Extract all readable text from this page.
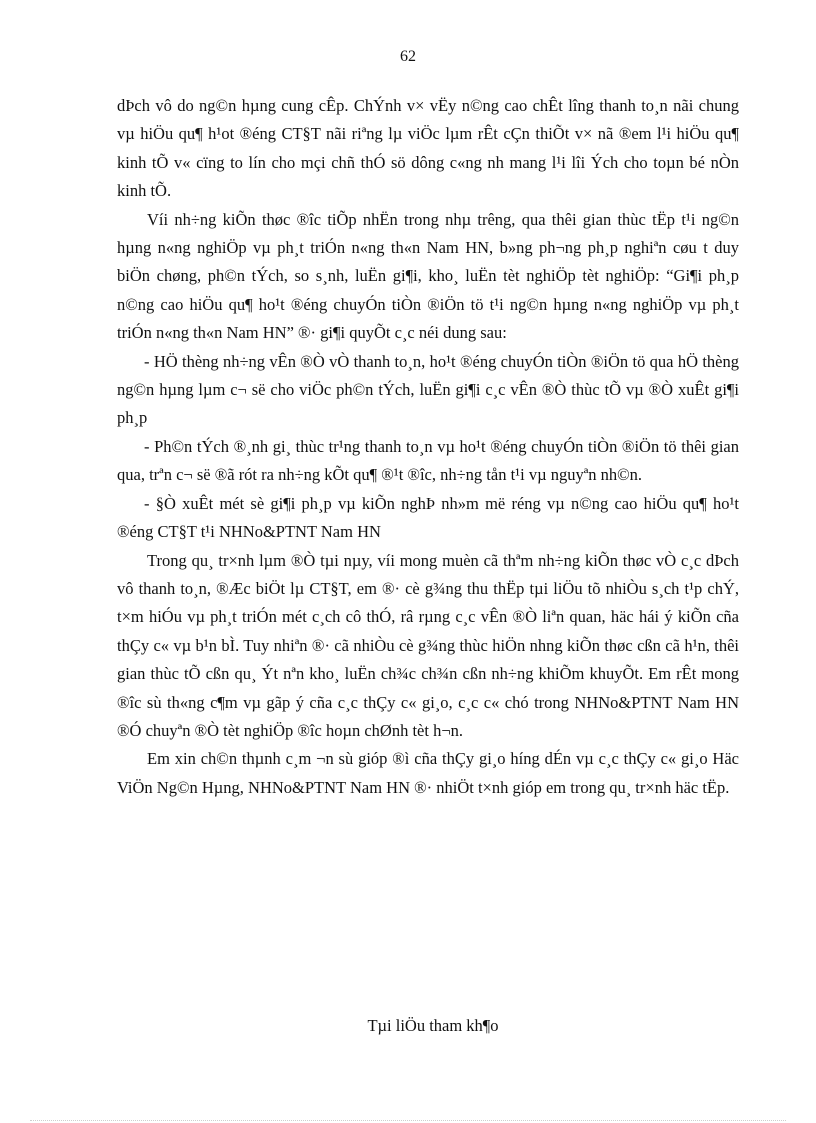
62

dÞch vô do ng©n hµng cung cÊp. ChÝnh v× vËy n©ng cao chÊt lîng thanh to¸n nãi chung vµ hiÖu qu¶ h¹ot ®éng CT§T nãi riªng lµ viÖc lµm rÊt cÇn thiÕt v× nã ®em l¹i hiÖu qu¶ kinh tÕ v« cïng to lín cho mçi chñ thÓ sö dông c«ng nh mang l¹i lîi Ých cho toµn bé nÒn kinh tÕ.

Víi nh÷ng kiÕn thøc ®îc tiÕp nhËn trong nhµ trêng, qua thêi gian thùc tËp t¹i ng©n hµng n«ng nghiÖp vµ ph¸t triÓn n«ng th«n Nam HN, b»ng ph¬ng ph¸p nghiªn cøu t duy biÖn chøng, ph©n tÝch, so s¸nh, luËn gi¶i, kho¸ luËn tèt nghiÖp tèt nghiÖp: “Gi¶i ph¸p n©ng cao hiÖu qu¶ ho¹t ®éng chuyÓn tiÒn ®iÖn tö t¹i ng©n hµng n«ng nghiÖp vµ ph¸t triÓn n«ng th«n Nam HN” ®· gi¶i quyÕt c¸c néi dung sau:

- HÖ thèng nh÷ng vÊn ®Ò vÒ thanh to¸n, ho¹t ®éng chuyÓn tiÒn ®iÖn tö qua hÖ thèng ng©n hµng lµm c¬ së cho viÖc ph©n tÝch, luËn gi¶i c¸c vÊn ®Ò thùc tÕ vµ ®Ò xuÊt gi¶i ph¸p

- Ph©n tÝch ®¸nh gi¸ thùc tr¹ng thanh to¸n vµ ho¹t ®éng chuyÓn tiÒn ®iÖn tö thêi gian qua, trªn c¬ së ®ã rót ra nh÷ng kÕt qu¶ ®¹t ®îc, nh÷ng tån t¹i vµ nguyªn nh©n.

- §Ò xuÊt mét sè gi¶i ph¸p vµ kiÕn nghÞ nh»m më réng vµ n©ng cao hiÖu qu¶ ho¹t ®éng CT§T t¹i NHNo&PTNT Nam HN

Trong qu¸ tr×nh lµm ®Ò tµi nµy, víi mong muèn cã thªm nh÷ng kiÕn thøc vÒ c¸c dÞch vô thanh to¸n, ®Æc biÖt lµ CT§T, em ®· cè g¾ng thu thËp tµi liÖu tõ nhiÒu s¸ch t¹p chÝ, t×m hiÓu vµ ph¸t triÓn mét c¸ch cô thÓ, râ rµng c¸c vÊn ®Ò liªn quan, häc hái ý kiÕn cña thÇy c« vµ b¹n bÌ. Tuy nhiªn ®· cã nhiÒu cè g¾ng thùc hiÖn nhng kiÕn thøc cßn cã h¹n, thêi gian thùc tÕ cßn qu¸ Ýt nªn kho¸ luËn ch¾c ch¾n cßn nh÷ng khiÕm khuyÕt. Em rÊt mong ®îc sù th«ng c¶m vµ gãp ý cña c¸c thÇy c« gi¸o, c¸c c« chó trong NHNo&PTNT Nam HN ®Ó chuyªn ®Ò tèt nghiÖp ®îc hoµn chØnh tèt h¬n.

Em xin ch©n thµnh c¸m ¬n sù gióp ®ì cña thÇy gi¸o híng dÉn vµ c¸c thÇy c« gi¸o Häc ViÖn Ng©n Hµng, NHNo&PTNT Nam HN ®· nhiÖt t×nh gióp em trong qu¸ tr×nh häc tËp.

Tµi liÖu tham kh¶o
